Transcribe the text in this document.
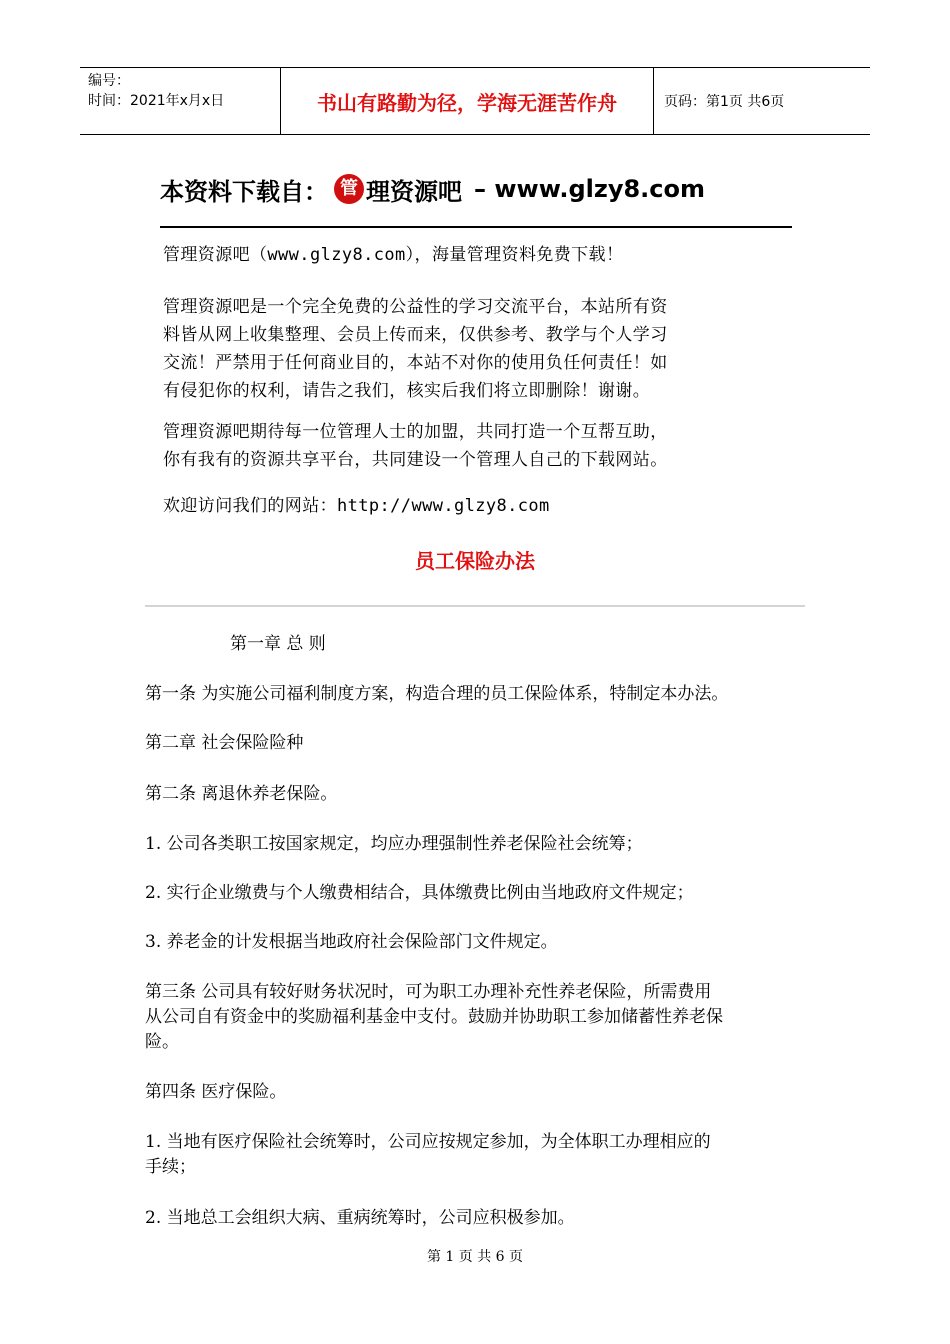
编号：
时间：2021年x月x日	书山有路勤为径，学海无涯苦作舟	页码：第1页 共6页
本资料下载自： 管 理资源吧 – www.glzy8.com
管理资源吧（www.glzy8.com），海量管理资料免费下载！
管理资源吧是一个完全免费的公益性的学习交流平台，本站所有资
料皆从网上收集整理、会员上传而来，仅供参考、教学与个人学习
交流！严禁用于任何商业目的，本站不对你的使用负任何责任！如
有侵犯你的权利，请告之我们，核实后我们将立即删除！谢谢。
管理资源吧期待每一位管理人士的加盟，共同打造一个互帮互助，
你有我有的资源共享平台，共同建设一个管理人自己的下载网站。
欢迎访问我们的网站：http://www.glzy8.com
员工保险办法
第一章 总 则
第一条 为实施公司福利制度方案，构造合理的员工保险体系，特制定本办法。
第二章 社会保险险种
第二条 离退休养老保险。
1. 公司各类职工按国家规定，均应办理强制性养老保险社会统筹；
2. 实行企业缴费与个人缴费相结合，具体缴费比例由当地政府文件规定；
3. 养老金的计发根据当地政府社会保险部门文件规定。
第三条 公司具有较好财务状况时，可为职工办理补充性养老保险，所需费用
从公司自有资金中的奖励福利基金中支付。鼓励并协助职工参加储蓄性养老保
险。
第四条 医疗保险。
1. 当地有医疗保险社会统筹时，公司应按规定参加，为全体职工办理相应的
手续；
2. 当地总工会组织大病、重病统筹时，公司应积极参加。
第 1 页 共 6 页
